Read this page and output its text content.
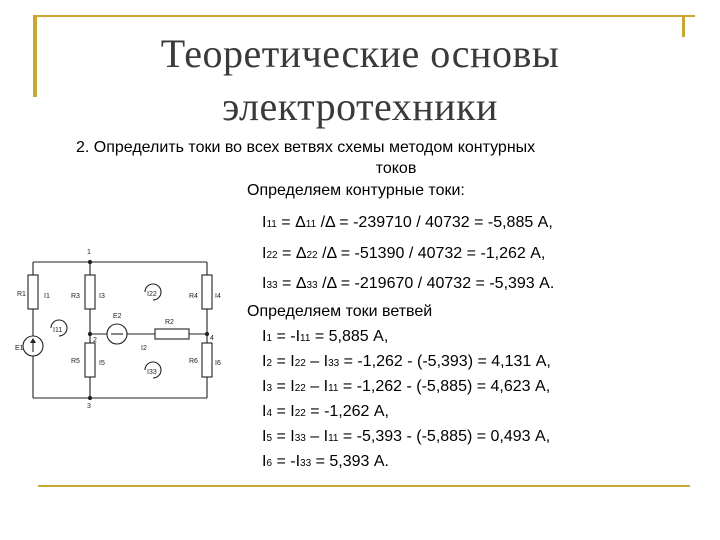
Теоретические основы
электротехники
2. Определить токи во всех ветвях схемы методом контурных
токов
Определяем контурные токи:
I11 = Δ11 /Δ = -239710 / 40732 = -5,885 А,
I22 = Δ22 /Δ = -51390 / 40732 = -1,262 А,
I33 = Δ33 /Δ = -219670 / 40732 = -5,393 А.
Определяем токи ветвей
I1 = -I11 = 5,885 А,
I2 = I22 – I33 = -1,262 - (-5,393) = 4,131 А,
I3 = I22 – I11 = -1,262 - (-5,885) = 4,623 А,
I4 = I22 = -1,262 А,
I5 = I33 – I11 = -5,393 - (-5,885) = 0,493 А,
I6 = -I33 = 5,393 А.
R1
E1
R3
R5
R4
R6
E2
R2
I1	I3
I5
I4
I6
I2
I11
I22
I33
1
2
3
4
